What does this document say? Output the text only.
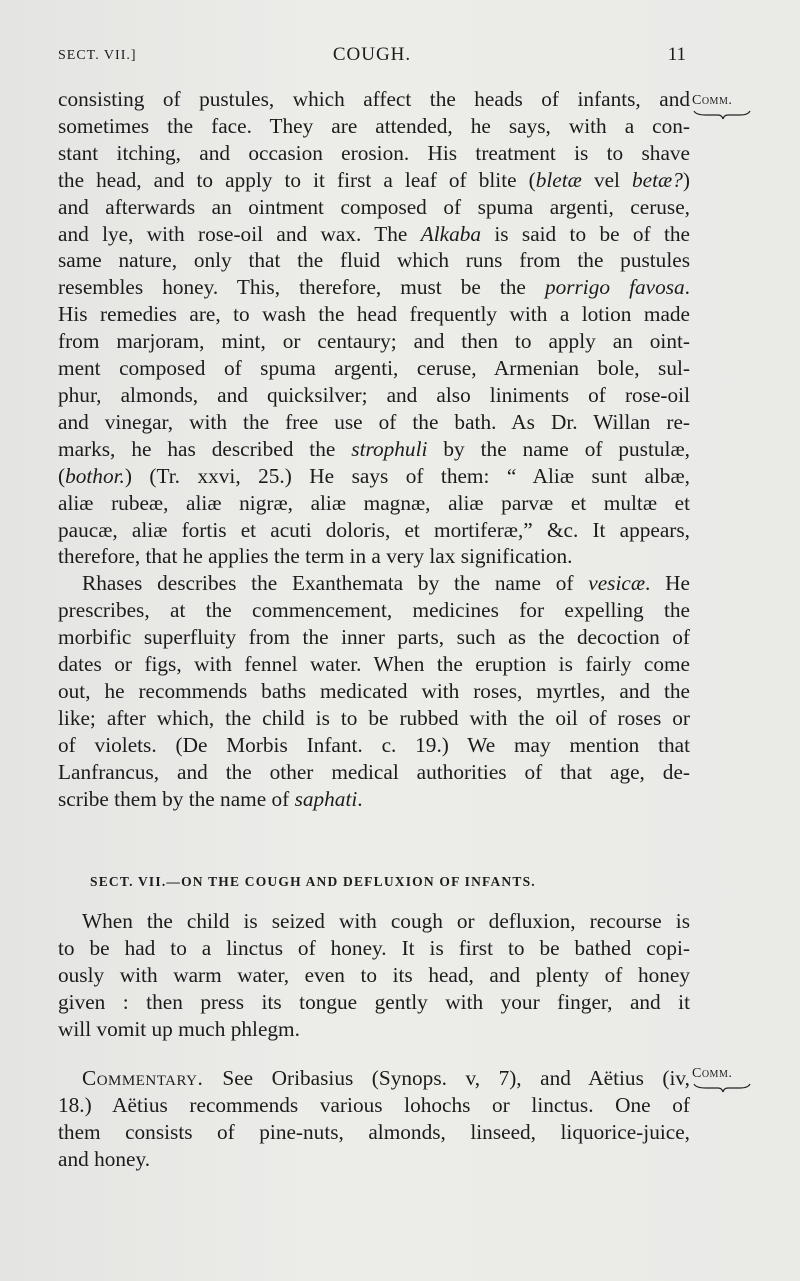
SECT. VII.]	COUGH.	11
Comm.
consisting of pustules, which affect the heads of infants, and
sometimes the face. They are attended, he says, with a con-
stant itching, and occasion erosion. His treatment is to shave
the head, and to apply to it first a leaf of blite (bletæ vel betæ?)
and afterwards an ointment composed of spuma argenti, ceruse,
and lye, with rose-oil and wax. The Alkaba is said to be of the
same nature, only that the fluid which runs from the pustules
resembles honey. This, therefore, must be the porrigo favosa.
His remedies are, to wash the head frequently with a lotion made
from marjoram, mint, or centaury; and then to apply an oint-
ment composed of spuma argenti, ceruse, Armenian bole, sul-
phur, almonds, and quicksilver; and also liniments of rose-oil
and vinegar, with the free use of the bath. As Dr. Willan re-
marks, he has described the strophuli by the name of pustulæ,
(bothor.) (Tr. xxvi, 25.) He says of them: “ Aliæ sunt albæ,
aliæ rubeæ, aliæ nigræ, aliæ magnæ, aliæ parvæ et multæ et
paucæ, aliæ fortis et acuti doloris, et mortiferæ,” &c. It appears,
therefore, that he applies the term in a very lax signification.
Rhases describes the Exanthemata by the name of vesicæ. He
prescribes, at the commencement, medicines for expelling the
morbific superfluity from the inner parts, such as the decoction of
dates or figs, with fennel water. When the eruption is fairly come
out, he recommends baths medicated with roses, myrtles, and the
like; after which, the child is to be rubbed with the oil of roses or
of violets. (De Morbis Infant. c. 19.) We may mention that
Lanfrancus, and the other medical authorities of that age, de-
scribe them by the name of saphati.
SECT. VII.—ON THE COUGH AND DEFLUXION OF INFANTS.
When the child is seized with cough or defluxion, recourse is
to be had to a linctus of honey. It is first to be bathed copi-
ously with warm water, even to its head, and plenty of honey
given : then press its tongue gently with your finger, and it
will vomit up much phlegm.
Comm.
Commentary. See Oribasius (Synops. v, 7), and Aëtius (iv,
18.) Aëtius recommends various lohochs or linctus. One of
them consists of pine-nuts, almonds, linseed, liquorice-juice,
and honey.
